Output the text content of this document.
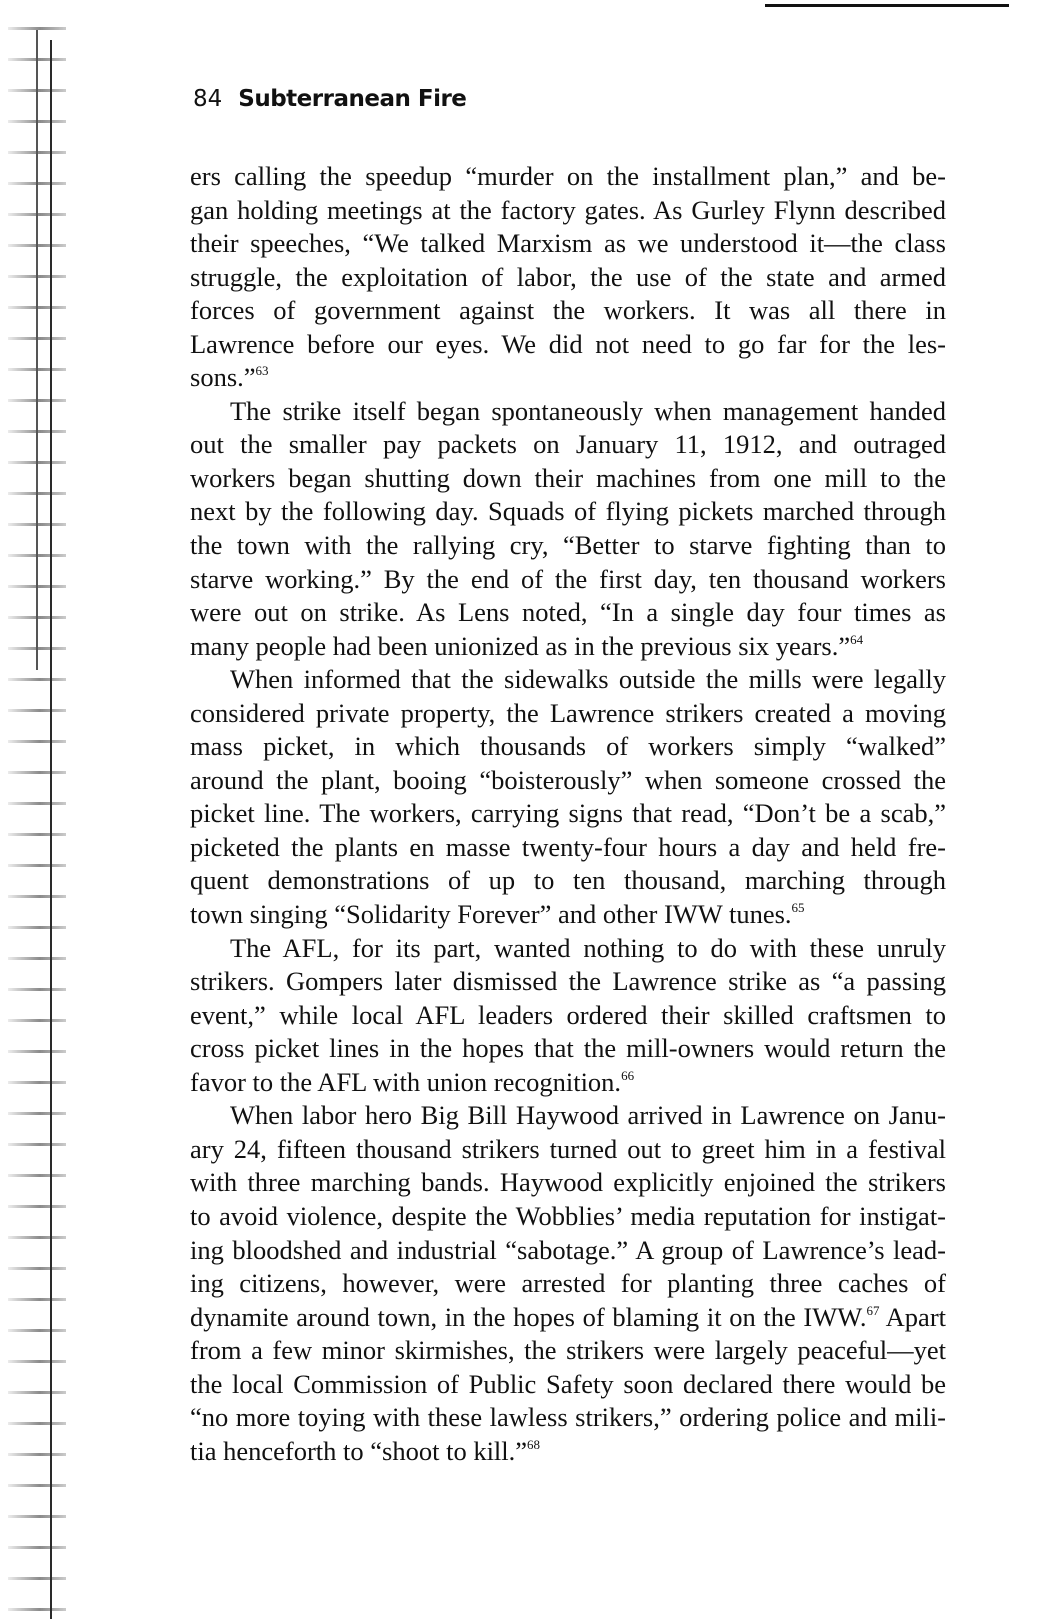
84 Subterranean Fire

ers calling the speedup “murder on the installment plan,” and be-
gan holding meetings at the factory gates. As Gurley Flynn described
their speeches, “We talked Marxism as we understood it—the class
struggle, the exploitation of labor, the use of the state and armed
forces of government against the workers. It was all there in
Lawrence before our eyes. We did not need to go far for the les-
sons.”$^{63}$

The strike itself began spontaneously when management handed
out the smaller pay packets on January 11, 1912, and outraged
workers began shutting down their machines from one mill to the
next by the following day. Squads of flying pickets marched through
the town with the rallying cry, “Better to starve fighting than to
starve working.” By the end of the first day, ten thousand workers
were out on strike. As Lens noted, “In a single day four times as
many people had been unionized as in the previous six years.”$^{64}$

When informed that the sidewalks outside the mills were legally
considered private property, the Lawrence strikers created a moving
mass picket, in which thousands of workers simply “walked”
around the plant, booing “boisterously” when someone crossed the
picket line. The workers, carrying signs that read, “Don’t be a scab,”
picketed the plants en masse twenty-four hours a day and held fre-
quent demonstrations of up to ten thousand, marching through
town singing “Solidarity Forever” and other IWW tunes.$^{65}$

The AFL, for its part, wanted nothing to do with these unruly
strikers. Gompers later dismissed the Lawrence strike as “a passing
event,” while local AFL leaders ordered their skilled craftsmen to
cross picket lines in the hopes that the mill-owners would return the
favor to the AFL with union recognition.$^{66}$

When labor hero Big Bill Haywood arrived in Lawrence on Janu-
ary 24, fifteen thousand strikers turned out to greet him in a festival
with three marching bands. Haywood explicitly enjoined the strikers
to avoid violence, despite the Wobblies’ media reputation for instigat-
ing bloodshed and industrial “sabotage.” A group of Lawrence’s lead-
ing citizens, however, were arrested for planting three caches of
dynamite around town, in the hopes of blaming it on the IWW.$^{67}$ Apart
from a few minor skirmishes, the strikers were largely peaceful—yet
the local Commission of Public Safety soon declared there would be
“no more toying with these lawless strikers,” ordering police and mili-
tia henceforth to “shoot to kill.”$^{68}$
